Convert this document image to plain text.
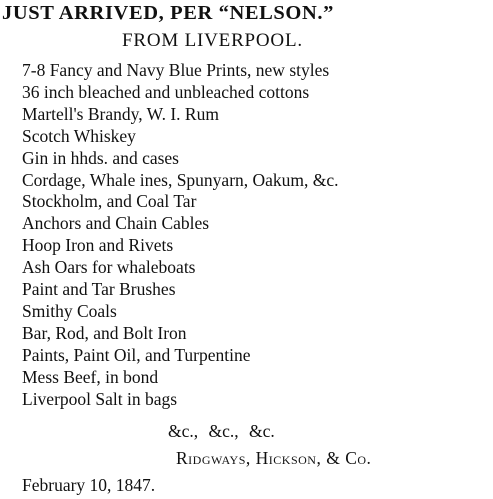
JUST ARRIVED, PER “NELSON.”
FROM LIVERPOOL.
7-8 Fancy and Navy Blue Prints, new styles
36 inch bleached and unbleached cottons
Martell's Brandy, W. I. Rum
Scotch Whiskey
Gin in hhds. and cases
Cordage, Whale ines, Spunyarn, Oakum, &c.
Stockholm, and Coal Tar
Anchors and Chain Cables
Hoop Iron and Rivets
Ash Oars for whaleboats
Paint and Tar Brushes
Smithy Coals
Bar, Rod, and Bolt Iron
Paints, Paint Oil, and Turpentine
Mess Beef, in bond
Liverpool Salt in bags
&c., &c., &c.
Ridgways, Hickson, & Co.
February 10, 1847.
